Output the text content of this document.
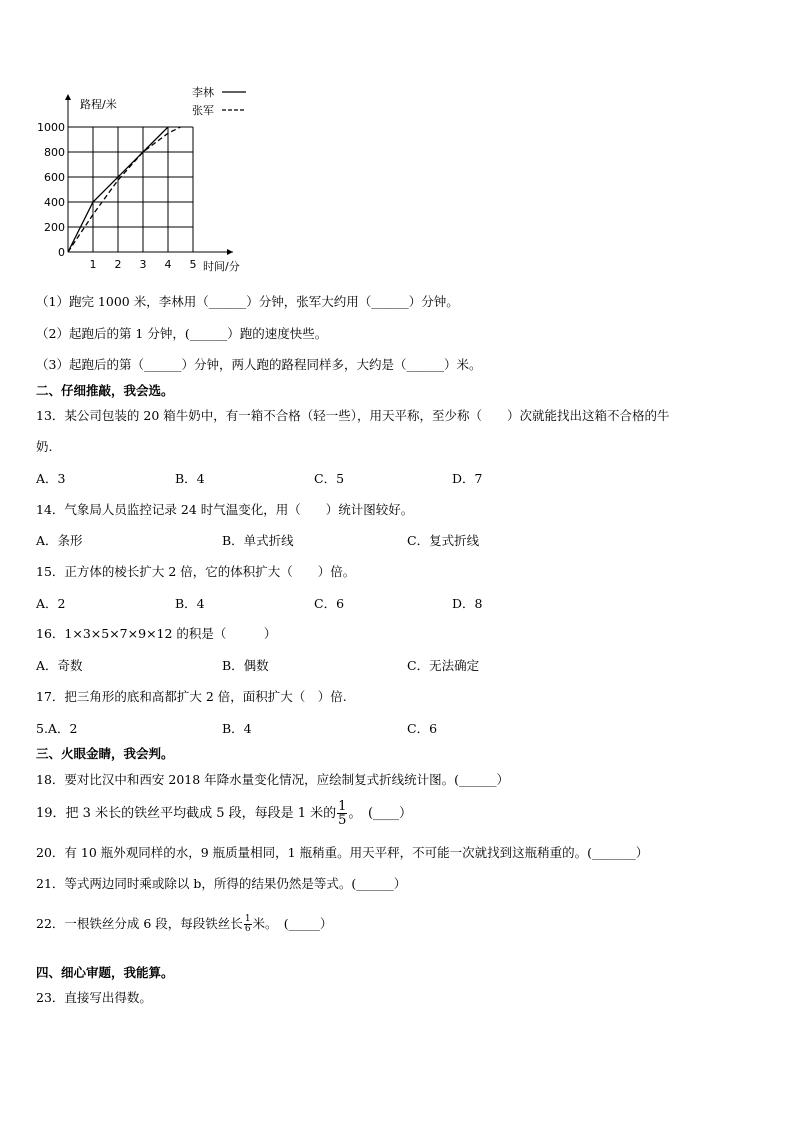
1 2 3 4 5
0
200
400
600
800
1000
路程/米
时间/分
李林
张军
（1）跑完 1000 米，李林用（______）分钟，张军大约用（______）分钟。
（2）起跑后的第 1 分钟，(______）跑的速度快些。
（3）起跑后的第（______）分钟，两人跑的路程同样多，大约是（______）米。
二、仔细推敲，我会选。
13．某公司包装的 20 箱牛奶中，有一箱不合格（轻一些），用天平称，至少称（　　）次就能找出这箱不合格的牛
奶.
A．3	B．4	C．5	D．7
14．气象局人员监控记录 24 时气温变化，用（　　）统计图较好。
A．条形	B．单式折线	C．复式折线
15．正方体的棱长扩大 2 倍，它的体积扩大（　　）倍。
A．2	B．4	C．6	D．8
16．1×3×5×7×9×12 的积是（　　　）
A．奇数	B．偶数	C．无法确定
17．把三角形的底和高都扩大 2 倍，面积扩大（　）倍.
5.A．2	B．4	C．6
三、火眼金睛，我会判。
18．要对比汉中和西安 2018 年降水量变化情况，应绘制复式折线统计图。(______）
19．把 3 米长的铁丝平均截成 5 段，每段是 1 米的 $\frac{1}{5}$ 。　(____）
20．有 10 瓶外观同样的水，9 瓶质量相同，1 瓶稍重。用天平秤，不可能一次就找到这瓶稍重的。(_______）
21．等式两边同时乘或除以 b，所得的结果仍然是等式。(______）
22．一根铁丝分成 6 段，每段铁丝长 $\frac{1}{6}$ 米。　(_____）
四、细心审题，我能算。
23．直接写出得数。
